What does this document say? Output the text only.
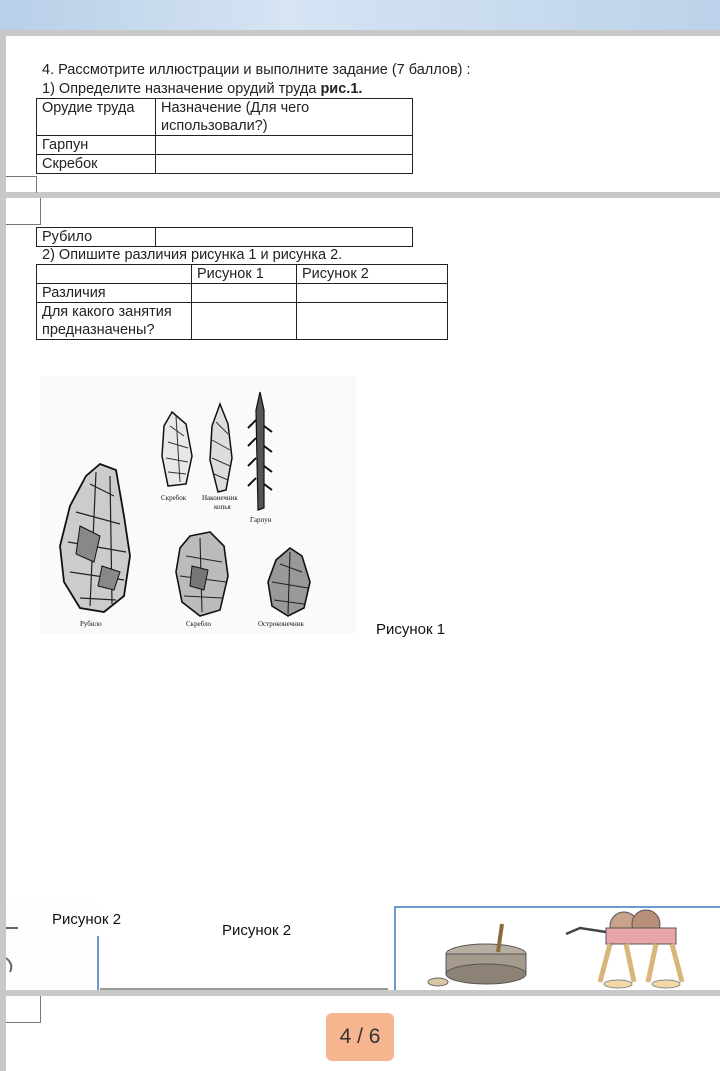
4. Рассмотрите иллюстрации и выполните задание (7 баллов) :
1) Определите назначение орудий труда рис.1.
Орудие труда	Назначение (Для чего использовали?)
Гарпун	
Скребок	
Рубило	
2) Опишите различия рисунка 1 и рисунка 2.
	Рисунок 1	Рисунок 2
Различия		
Для какого занятия предназначены?		
Скребок Наконечник
копья
Гарпун
Рубило	Скребло	Остроконечник	Рисунок 1
Рисунок 2
Рисунок 2
4 / 6
